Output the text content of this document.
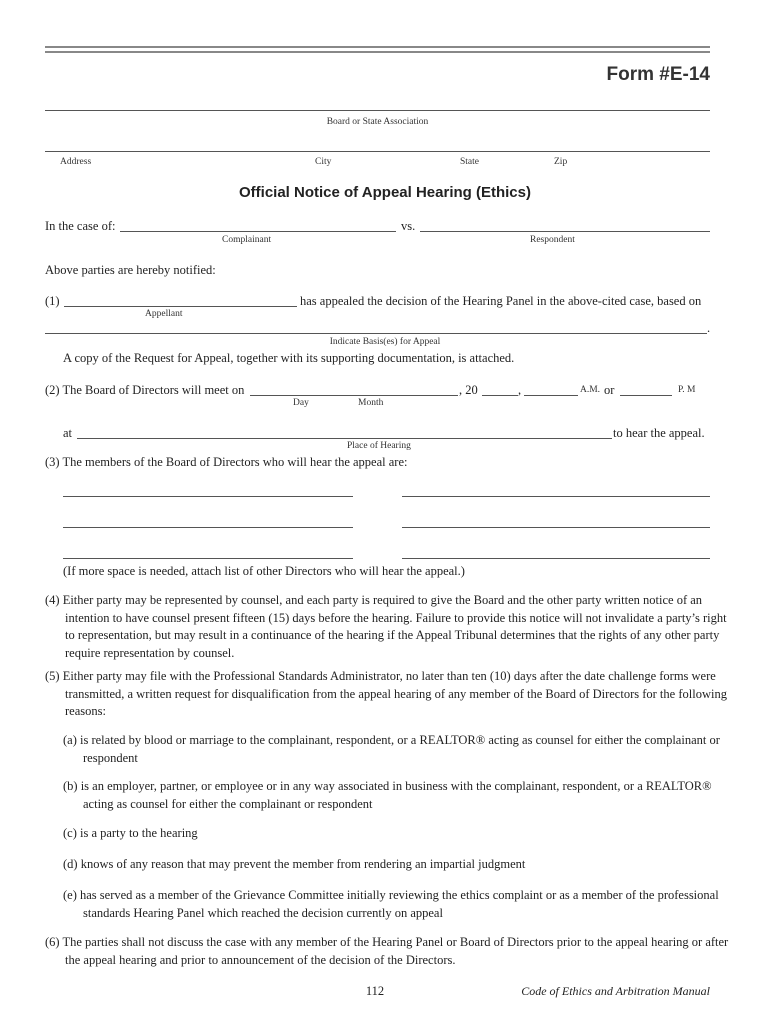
Form #E-14
Board or State Association
Address	City	State	Zip
Official Notice of Appeal Hearing (Ethics)
In the case of:	vs.
Complainant	Respondent
Above parties are hereby notified:
(1)	has appealed the decision of the Hearing Panel in the above-cited case, based on
Appellant
.
Indicate Basis(es) for Appeal
A copy of the Request for Appeal, together with its supporting documentation, is attached.
(2) The Board of Directors will meet on	, 20	,	A.M. or	P. M
Day	Month
at	to hear the appeal.
Place of Hearing
(3) The members of the Board of Directors who will hear the appeal are:
(If more space is needed, attach list of other Directors who will hear the appeal.)
(4) Either party may be represented by counsel, and each party is required to give the Board and the other party written notice of an intention to have counsel present fifteen (15) days before the hearing. Failure to provide this notice will not invalidate a party’s right to representation, but may result in a continuance of the hearing if the Appeal Tribunal determines that the rights of any other party require representation by counsel.
(5) Either party may file with the Professional Standards Administrator, no later than ten (10) days after the date challenge forms were transmitted, a written request for disqualification from the appeal hearing of any member of the Board of Directors for the following reasons:
(a) is related by blood or marriage to the complainant, respondent, or a REALTOR® acting as counsel for either the complainant or respondent
(b) is an employer, partner, or employee or in any way associated in business with the complainant, respondent, or a REALTOR® acting as counsel for either the complainant or respondent
(c) is a party to the hearing
(d) knows of any reason that may prevent the member from rendering an impartial judgment
(e) has served as a member of the Grievance Committee initially reviewing the ethics complaint or as a member of the professional standards Hearing Panel which reached the decision currently on appeal
(6) The parties shall not discuss the case with any member of the Hearing Panel or Board of Directors prior to the appeal hearing or after the appeal hearing and prior to announcement of the decision of the Directors.
112	Code of Ethics and Arbitration Manual
